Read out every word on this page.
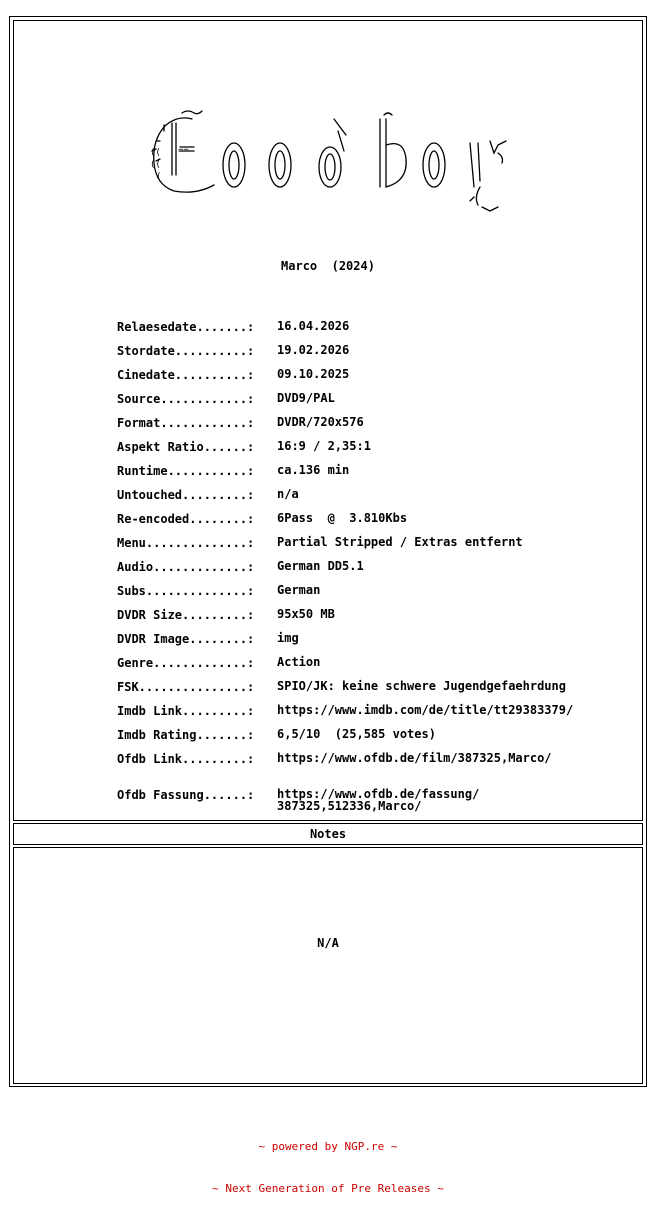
((
((
(
==
Marco  (2024)
Relaesedate.......:	16.04.2026
Stordate..........:	19.02.2026
Cinedate..........:	09.10.2025
Source............:	DVD9/PAL
Format............:	DVDR/720x576
Aspekt Ratio......:	16:9 / 2,35:1
Runtime...........:	ca.136 min
Untouched.........:	n/a
Re-encoded........:	6Pass  @  3.810Kbs
Menu..............:	Partial Stripped / Extras entfernt
Audio.............:	German DD5.1
Subs..............:	German
DVDR Size.........:	95x50 MB
DVDR Image........:	img
Genre.............:	Action
FSK...............:	SPIO/JK: keine schwere Jugendgefaehrdung
Imdb Link.........:	https://www.imdb.com/de/title/tt29383379/
Imdb Rating.......:	6,5/10  (25,585 votes)
Ofdb Link.........:	https://www.ofdb.de/film/387325,Marco/
Ofdb Fassung......:	https://www.ofdb.de/fassung/
387325,512336,Marco/
Notes
N/A

~ powered by NGP.re ~

~ Next Generation of Pre Releases ~
